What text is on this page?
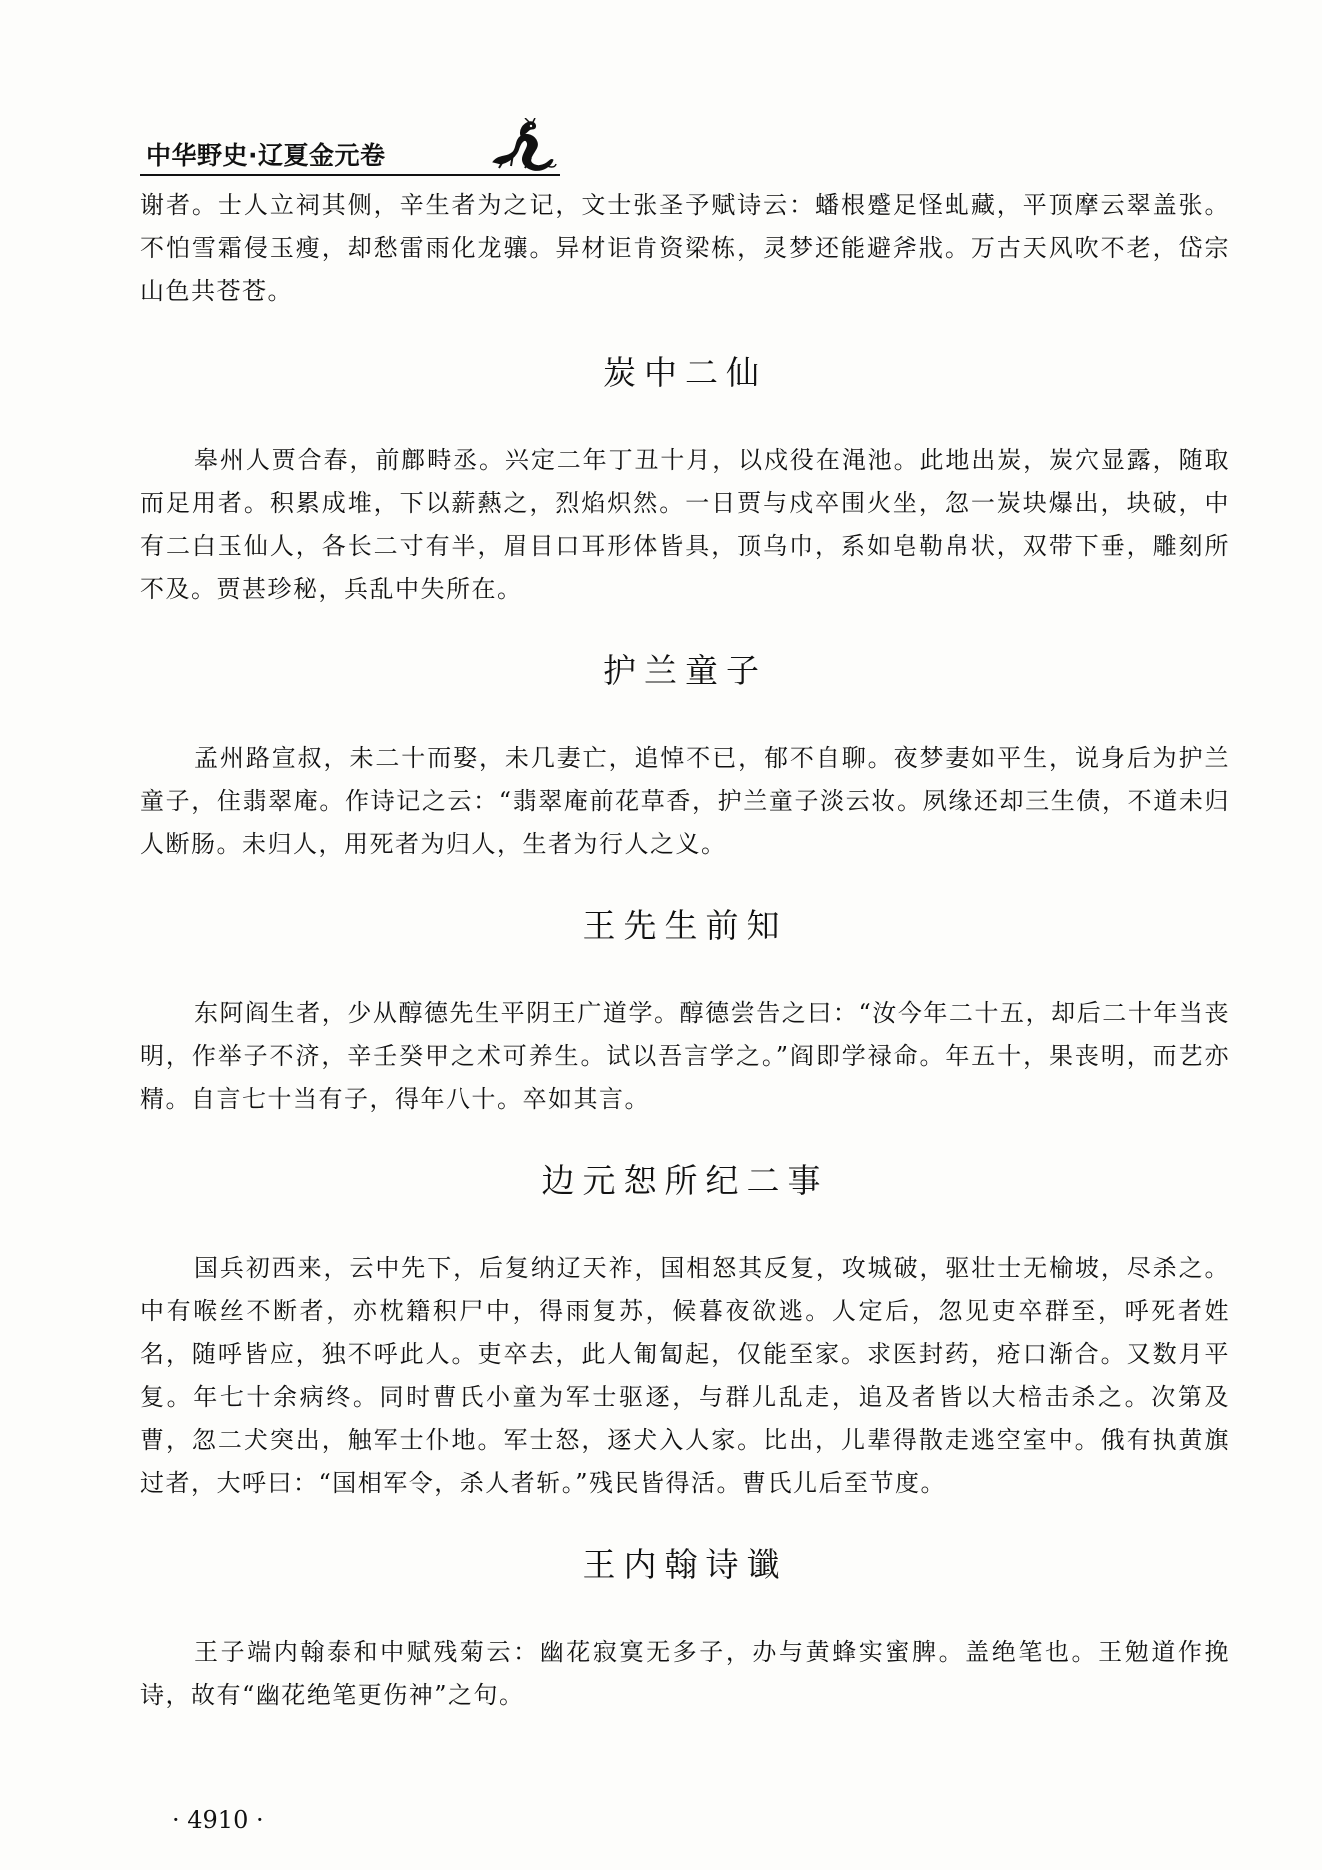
中华野史·辽夏金元卷

谢者。士人立祠其侧，辛生者为之记，文士张圣予赋诗云：蟠根蹙足怪虬藏，平顶摩云翠盖张。不怕雪霜侵玉瘦，却愁雷雨化龙骧。异材讵肯资梁栋，灵梦还能避斧戕。万古天风吹不老，岱宗山色共苍苍。

炭中二仙

皋州人贾合春，前鄜畤丞。兴定二年丁丑十月，以戍役在渑池。此地出炭，炭穴显露，随取而足用者。积累成堆，下以薪爇之，烈焰炽然。一日贾与戍卒围火坐，忽一炭块爆出，块破，中有二白玉仙人，各长二寸有半，眉目口耳形体皆具，顶乌巾，系如皂勒帛状，双带下垂，雕刻所不及。贾甚珍秘，兵乱中失所在。

护兰童子

孟州路宣叔，未二十而娶，未几妻亡，追悼不已，郁不自聊。夜梦妻如平生，说身后为护兰童子，住翡翠庵。作诗记之云：“翡翠庵前花草香，护兰童子淡云妆。夙缘还却三生债，不道未归人断肠。未归人，用死者为归人，生者为行人之义。

王先生前知

东阿阎生者，少从醇德先生平阴王广道学。醇德尝告之曰：“汝今年二十五，却后二十年当丧明，作举子不济，辛壬癸甲之术可养生。试以吾言学之。”阎即学禄命。年五十，果丧明，而艺亦精。自言七十当有子，得年八十。卒如其言。

边元恕所纪二事

国兵初西来，云中先下，后复纳辽天祚，国相怒其反复，攻城破，驱壮士无榆坡，尽杀之。中有喉丝不断者，亦枕籍积尸中，得雨复苏，候暮夜欲逃。人定后，忽见吏卒群至，呼死者姓名，随呼皆应，独不呼此人。吏卒去，此人匍匐起，仅能至家。求医封药，疮口渐合。又数月平复。年七十余病终。同时曹氏小童为军士驱逐，与群儿乱走，追及者皆以大棓击杀之。次第及曹，忽二犬突出，触军士仆地。军士怒，逐犬入人家。比出，儿辈得散走逃空室中。俄有执黄旗过者，大呼曰：“国相军令，杀人者斩。”残民皆得活。曹氏儿后至节度。

王内翰诗谶

王子端内翰泰和中赋残菊云：幽花寂寞无多子，办与黄蜂实蜜脾。盖绝笔也。王勉道作挽诗，故有“幽花绝笔更伤神”之句。

· 4910 ·
